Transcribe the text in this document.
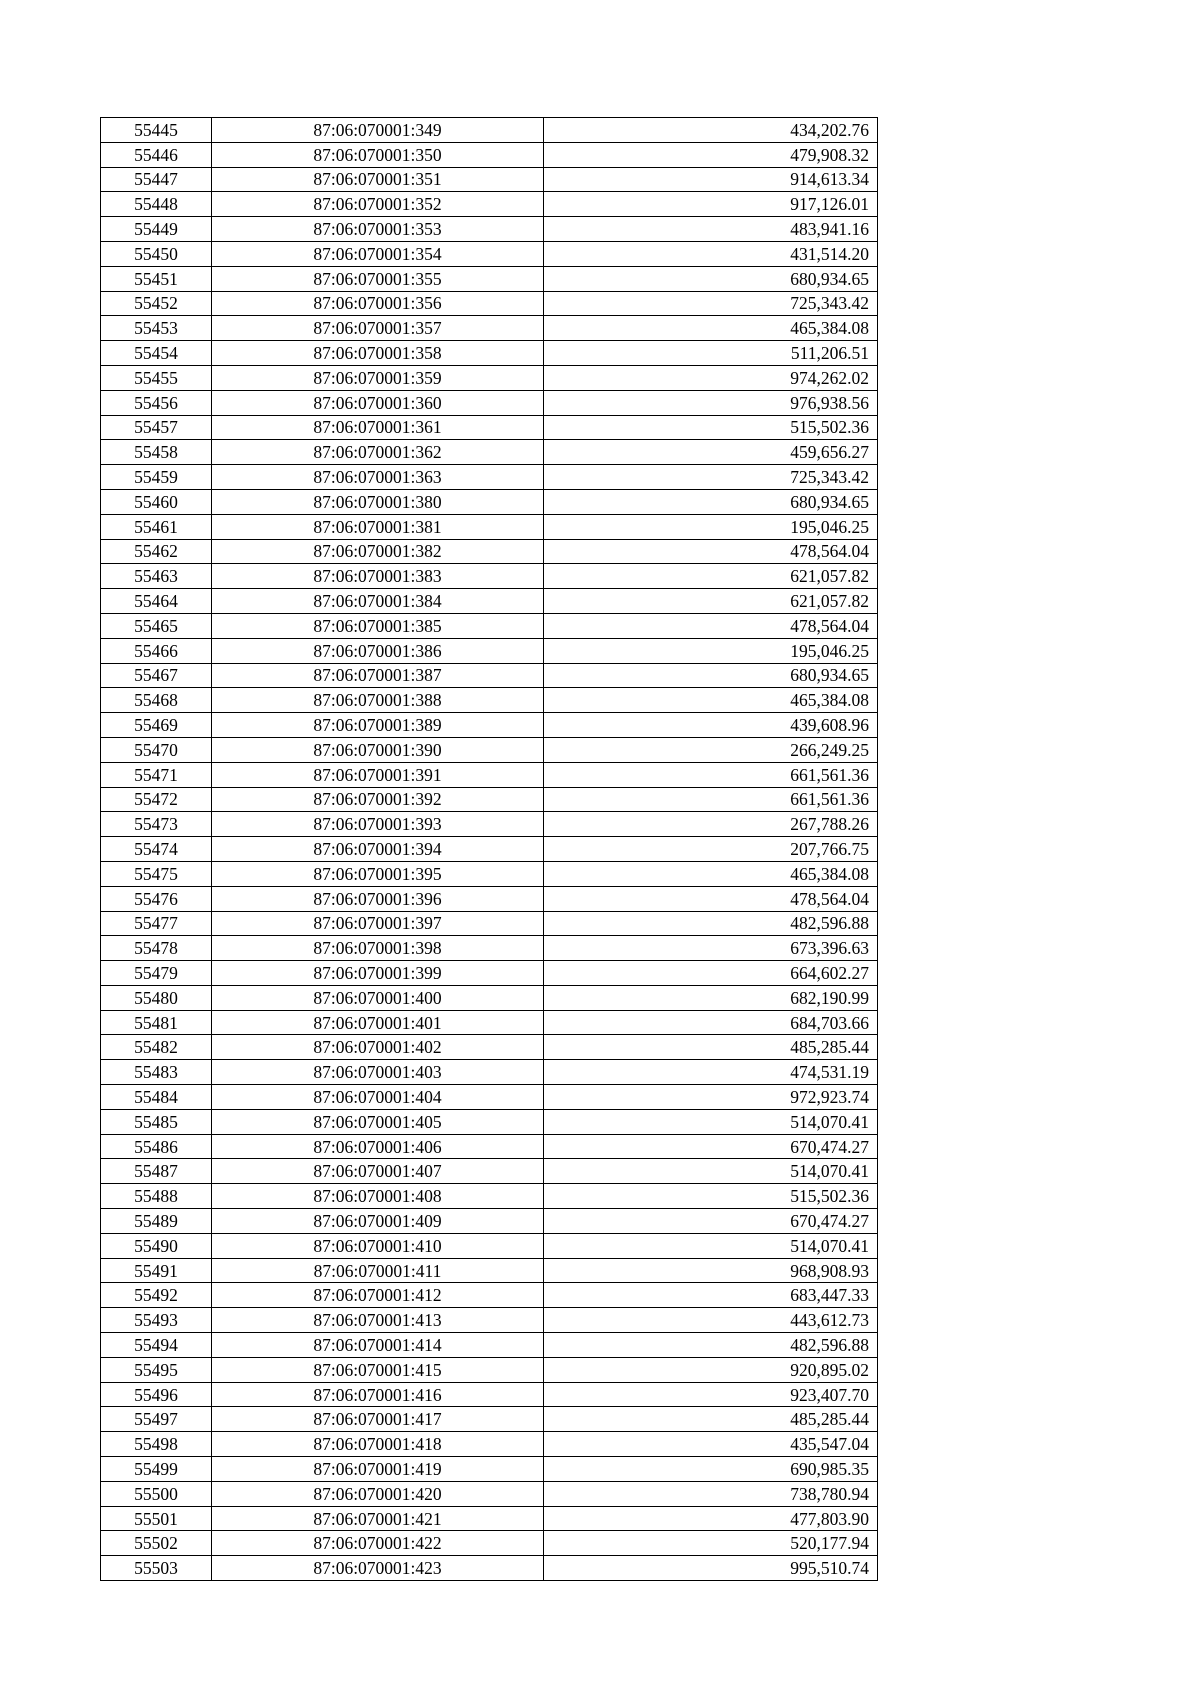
55445	87:06:070001:349	434,202.76
55446	87:06:070001:350	479,908.32
55447	87:06:070001:351	914,613.34
55448	87:06:070001:352	917,126.01
55449	87:06:070001:353	483,941.16
55450	87:06:070001:354	431,514.20
55451	87:06:070001:355	680,934.65
55452	87:06:070001:356	725,343.42
55453	87:06:070001:357	465,384.08
55454	87:06:070001:358	511,206.51
55455	87:06:070001:359	974,262.02
55456	87:06:070001:360	976,938.56
55457	87:06:070001:361	515,502.36
55458	87:06:070001:362	459,656.27
55459	87:06:070001:363	725,343.42
55460	87:06:070001:380	680,934.65
55461	87:06:070001:381	195,046.25
55462	87:06:070001:382	478,564.04
55463	87:06:070001:383	621,057.82
55464	87:06:070001:384	621,057.82
55465	87:06:070001:385	478,564.04
55466	87:06:070001:386	195,046.25
55467	87:06:070001:387	680,934.65
55468	87:06:070001:388	465,384.08
55469	87:06:070001:389	439,608.96
55470	87:06:070001:390	266,249.25
55471	87:06:070001:391	661,561.36
55472	87:06:070001:392	661,561.36
55473	87:06:070001:393	267,788.26
55474	87:06:070001:394	207,766.75
55475	87:06:070001:395	465,384.08
55476	87:06:070001:396	478,564.04
55477	87:06:070001:397	482,596.88
55478	87:06:070001:398	673,396.63
55479	87:06:070001:399	664,602.27
55480	87:06:070001:400	682,190.99
55481	87:06:070001:401	684,703.66
55482	87:06:070001:402	485,285.44
55483	87:06:070001:403	474,531.19
55484	87:06:070001:404	972,923.74
55485	87:06:070001:405	514,070.41
55486	87:06:070001:406	670,474.27
55487	87:06:070001:407	514,070.41
55488	87:06:070001:408	515,502.36
55489	87:06:070001:409	670,474.27
55490	87:06:070001:410	514,070.41
55491	87:06:070001:411	968,908.93
55492	87:06:070001:412	683,447.33
55493	87:06:070001:413	443,612.73
55494	87:06:070001:414	482,596.88
55495	87:06:070001:415	920,895.02
55496	87:06:070001:416	923,407.70
55497	87:06:070001:417	485,285.44
55498	87:06:070001:418	435,547.04
55499	87:06:070001:419	690,985.35
55500	87:06:070001:420	738,780.94
55501	87:06:070001:421	477,803.90
55502	87:06:070001:422	520,177.94
55503	87:06:070001:423	995,510.74
